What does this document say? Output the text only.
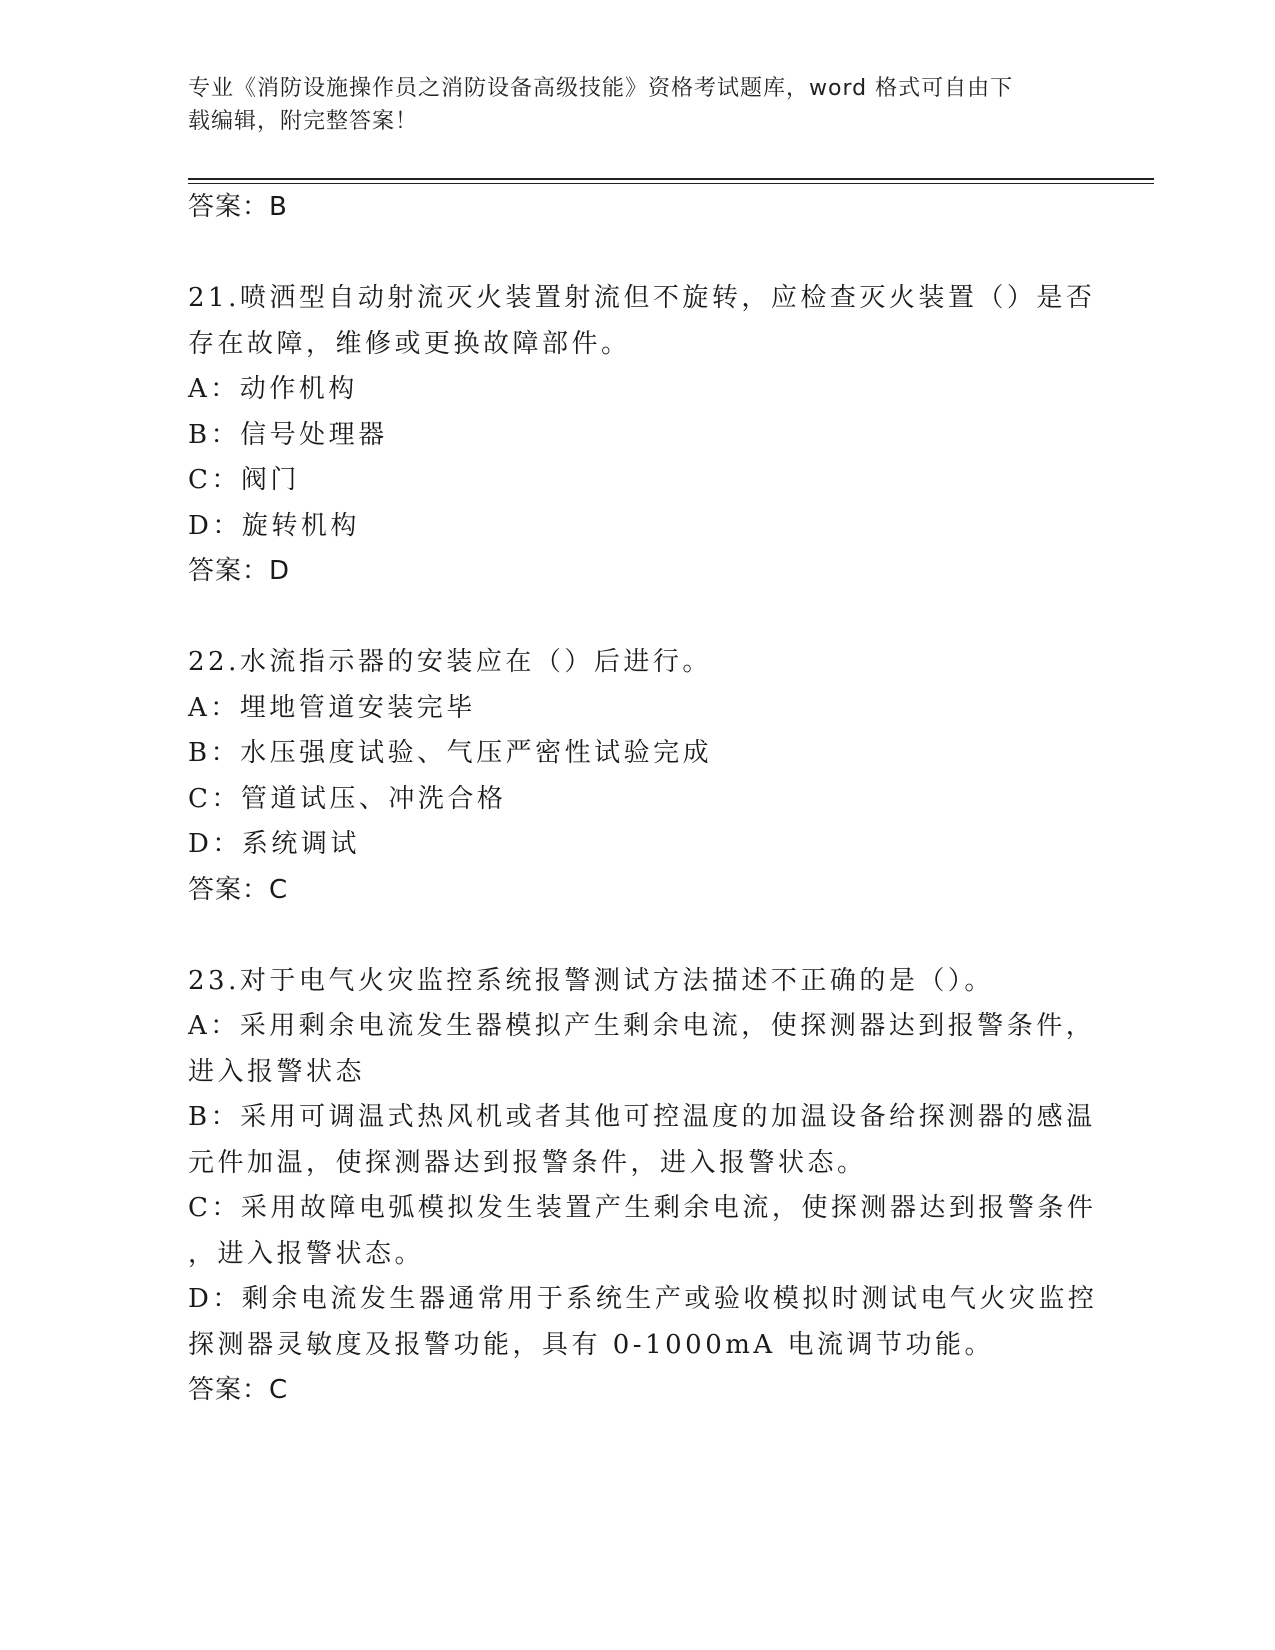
专业《消防设施操作员之消防设备高级技能》资格考试题库，word 格式可自由下
载编辑，附完整答案！
答案：B
21.喷洒型自动射流灭火装置射流但不旋转，应检查灭火装置（）是否
存在故障，维修或更换故障部件。
A：动作机构
B：信号处理器
C：阀门
D：旋转机构
答案：D
22.水流指示器的安装应在（）后进行。
A：埋地管道安装完毕
B：水压强度试验、气压严密性试验完成
C：管道试压、冲洗合格
D：系统调试
答案：C
23.对于电气火灾监控系统报警测试方法描述不正确的是（）。
A：采用剩余电流发生器模拟产生剩余电流，使探测器达到报警条件，
进入报警状态
B：采用可调温式热风机或者其他可控温度的加温设备给探测器的感温
元件加温，使探测器达到报警条件，进入报警状态。
C：采用故障电弧模拟发生装置产生剩余电流，使探测器达到报警条件
，进入报警状态。
D：剩余电流发生器通常用于系统生产或验收模拟时测试电气火灾监控
探测器灵敏度及报警功能，具有 0-1000mA 电流调节功能。
答案：C
